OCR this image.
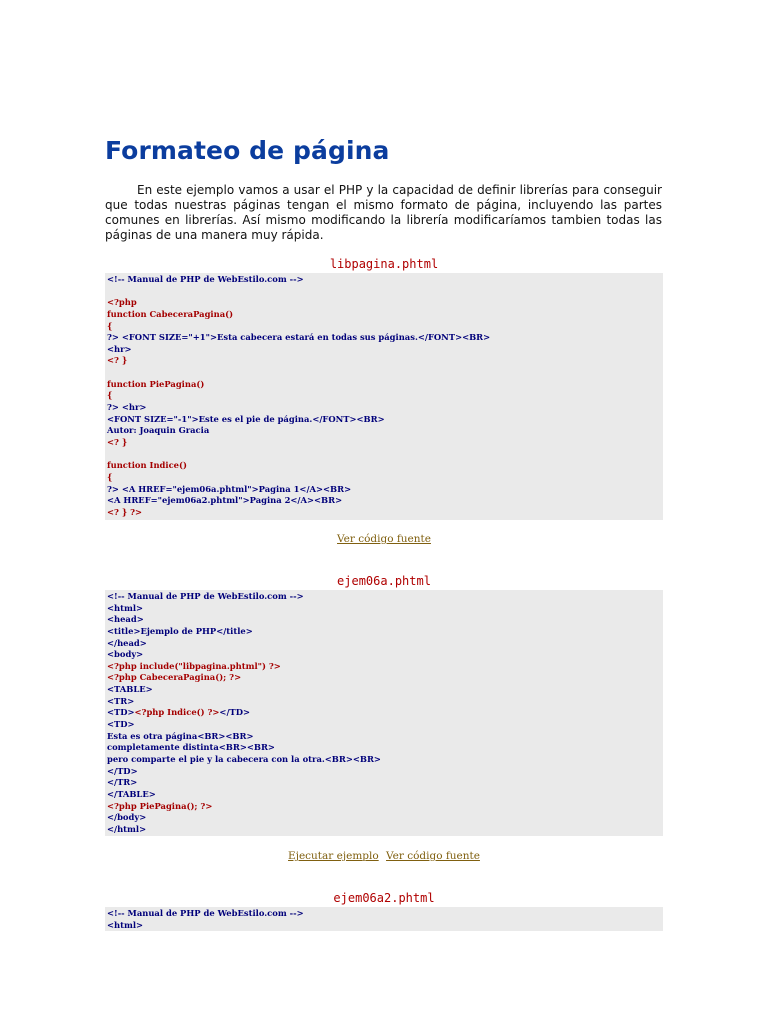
Formateo de página

En este ejemplo vamos a usar el PHP y la capacidad de definir librerías para conseguir que todas nuestras páginas tengan el mismo formato de página, incluyendo las partes comunes en librerías. Así mismo modificando la librería modificaríamos tambien todas las páginas de una manera muy rápida.

libpagina.phtml
<!-- Manual de PHP de WebEstilo.com -->

<?php
function CabeceraPagina()
{
?> <FONT SIZE="+1">Esta cabecera estará en todas sus páginas.</FONT><BR>
<hr>
<? }

function PiePagina()
{
?> <hr>
<FONT SIZE="-1">Este es el pie de página.</FONT><BR>
Autor: Joaquin Gracia
<? }

function Indice()
{
?> <A HREF="ejem06a.phtml">Pagina 1</A><BR>
<A HREF="ejem06a2.phtml">Pagina 2</A><BR>
<? } ?>
Ver código fuente
ejem06a.phtml
<!-- Manual de PHP de WebEstilo.com -->
<html>
<head>
<title>Ejemplo de PHP</title>
</head>
<body>
<?php include("libpagina.phtml") ?>
<?php CabeceraPagina(); ?>
<TABLE>
<TR>
<TD><?php Indice() ?></TD>
<TD>
Esta es otra página<BR><BR>
completamente distinta<BR><BR>
pero comparte el pie y la cabecera con la otra.<BR><BR>
</TD>
</TR>
</TABLE>
<?php PiePagina(); ?>
</body>
</html>
Ejecutar ejemplo Ver código fuente
ejem06a2.phtml
<!-- Manual de PHP de WebEstilo.com -->
<html>
